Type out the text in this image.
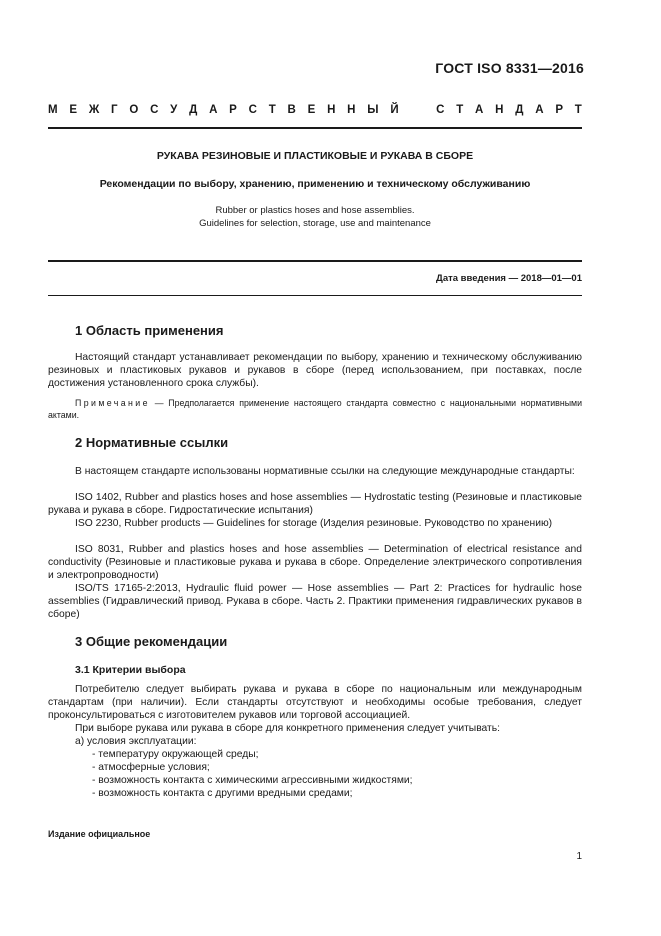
ГОСТ ISO 8331—2016
М Е Ж Г О С У Д А Р С Т В Е Н Н Ы Й	С Т А Н Д А Р Т
РУКАВА РЕЗИНОВЫЕ И ПЛАСТИКОВЫЕ И РУКАВА В СБОРЕ
Рекомендации по выбору, хранению, применению и техническому обслуживанию
Rubber or plastics hoses and hose assemblies.
Guidelines for selection, storage, use and maintenance
Дата введения — 2018—01—01
1 Область применения
Настоящий стандарт устанавливает рекомендации по выбору, хранению и техническому обслуживанию резиновых и пластиковых рукавов и рукавов в сборе (перед использованием, при поставках, после достижения установленного срока службы).
Примечание — Предполагается применение настоящего стандарта совместно с национальными нормативными актами.
2 Нормативные ссылки
В настоящем стандарте использованы нормативные ссылки на следующие международные стандарты:
ISO 1402, Rubber and plastics hoses and hose assemblies — Hydrostatic testing (Резиновые и пластиковые рукава и рукава в сборе. Гидростатические испытания)
ISO 2230, Rubber products — Guidelines for storage (Изделия резиновые. Руководство по хранению)
ISO 8031, Rubber and plastics hoses and hose assemblies — Determination of electrical resistance and conductivity (Резиновые и пластиковые рукава и рукава в сборе. Определение электрического сопротивления и электропроводности)
ISO/TS 17165-2:2013, Hydraulic fluid power — Hose assemblies — Part 2: Practices for hydraulic hose assemblies (Гидравлический привод. Рукава в сборе. Часть 2. Практики применения гидравлических рукавов в сборе)
3 Общие рекомендации
3.1 Критерии выбора
Потребителю следует выбирать рукава и рукава в сборе по национальным или международным стандартам (при наличии). Если стандарты отсутствуют и необходимы особые требования, следует проконсультироваться с изготовителем рукавов или торговой ассоциацией.
При выборе рукава или рукава в сборе для конкретного применения следует учитывать:
а) условия эксплуатации:
- температуру окружающей среды;
- атмосферные условия;
- возможность контакта с химическими агрессивными жидкостями;
- возможность контакта с другими вредными средами;
Издание официальное
1
